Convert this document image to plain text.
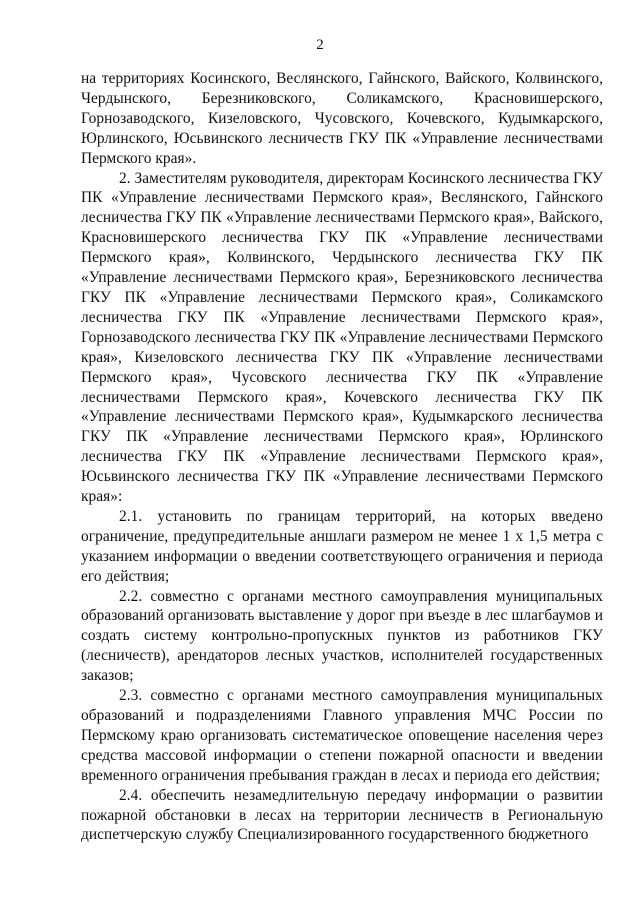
2

на территориях Косинского, Веслянского, Гайнского, Вайского, Колвинского, Чердынского, Березниковского, Соликамского, Красновишерского, Горнозаводского, Кизеловского, Чусовского, Кочевского, Кудымкарского, Юрлинского, Юсьвинского лесничеств ГКУ ПК «Управление лесничествами Пермского края».

2. Заместителям руководителя, директорам Косинского лесничества ГКУ ПК «Управление лесничествами Пермского края», Веслянского, Гайнского лесничества ГКУ ПК «Управление лесничествами Пермского края», Вайского, Красновишерского лесничества ГКУ ПК «Управление лесничествами Пермского края», Колвинского, Чердынского лесничества ГКУ ПК «Управление лесничествами Пермского края», Березниковского лесничества ГКУ ПК «Управление лесничествами Пермского края», Соликамского лесничества ГКУ ПК «Управление лесничествами Пермского края», Горнозаводского лесничества ГКУ ПК «Управление лесничествами Пермского края», Кизеловского лесничества ГКУ ПК «Управление лесничествами Пермского края», Чусовского лесничества ГКУ ПК «Управление лесничествами Пермского края», Кочевского лесничества ГКУ ПК «Управление лесничествами Пермского края», Кудымкарского лесничества ГКУ ПК «Управление лесничествами Пермского края», Юрлинского лесничества ГКУ ПК «Управление лесничествами Пермского края», Юсьвинского лесничества ГКУ ПК «Управление лесничествами Пермского края»:

2.1. установить по границам территорий, на которых введено ограничение, предупредительные аншлаги размером не менее 1 х 1,5 метра с указанием информации о введении соответствующего ограничения и периода его действия;

2.2. совместно с органами местного самоуправления муниципальных образований организовать выставление у дорог при въезде в лес шлагбаумов и создать систему контрольно-пропускных пунктов из работников ГКУ (лесничеств), арендаторов лесных участков, исполнителей государственных заказов;

2.3. совместно с органами местного самоуправления муниципальных образований и подразделениями Главного управления МЧС России по Пермскому краю организовать систематическое оповещение населения через средства массовой информации о степени пожарной опасности и введении временного ограничения пребывания граждан в лесах и периода его действия;

2.4. обеспечить незамедлительную передачу информации о развитии пожарной обстановки в лесах на территории лесничеств в Региональную диспетчерскую службу Специализированного государственного бюджетного
